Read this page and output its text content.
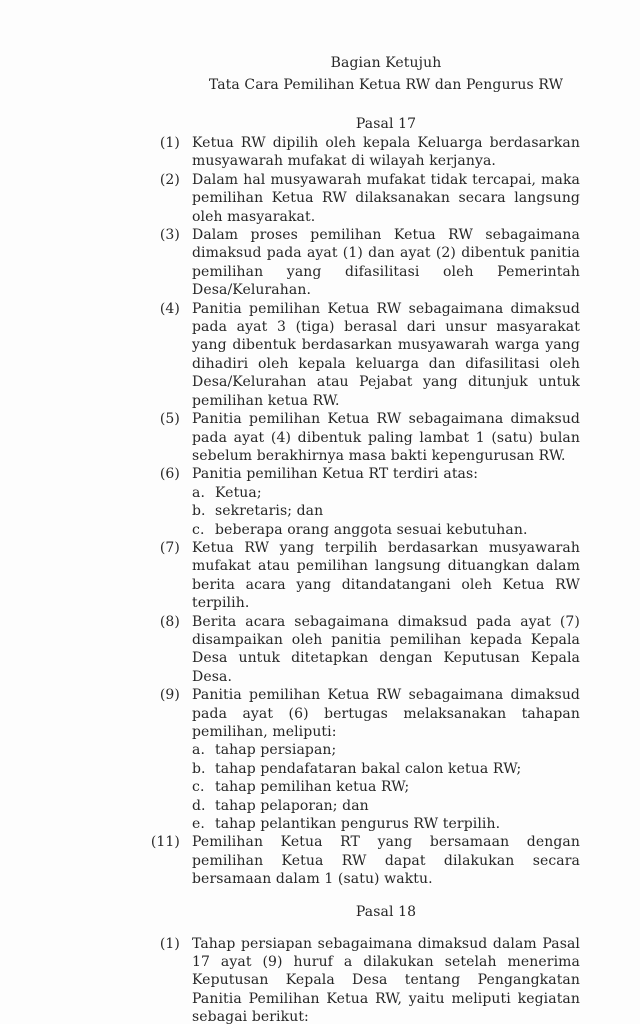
Bagian Ketujuh
Tata Cara Pemilihan Ketua RW dan Pengurus RW
Pasal 17
(1) Ketua RW dipilih oleh kepala Keluarga berdasarkan musyawarah mufakat di wilayah kerjanya.
(2) Dalam hal musyawarah mufakat tidak tercapai, maka pemilihan Ketua RW dilaksanakan secara langsung oleh masyarakat.
(3) Dalam proses pemilihan Ketua RW sebagaimana dimaksud pada ayat (1) dan ayat (2) dibentuk panitia pemilihan yang difasilitasi oleh Pemerintah Desa/Kelurahan.
(4) Panitia pemilihan Ketua RW sebagaimana dimaksud pada ayat 3 (tiga) berasal dari unsur masyarakat yang dibentuk berdasarkan musyawarah warga yang dihadiri oleh kepala keluarga dan difasilitasi oleh Desa/Kelurahan atau Pejabat yang ditunjuk untuk pemilihan ketua RW.
(5) Panitia pemilihan Ketua RW sebagaimana dimaksud pada ayat (4) dibentuk paling lambat 1 (satu) bulan sebelum berakhirnya masa bakti kepengurusan RW.
(6) Panitia pemilihan Ketua RT terdiri atas:
a. Ketua;
b. sekretaris; dan
c. beberapa orang anggota sesuai kebutuhan.
(7) Ketua RW yang terpilih berdasarkan musyawarah mufakat atau pemilihan langsung dituangkan dalam berita acara yang ditandatangani oleh Ketua RW terpilih.
(8) Berita acara sebagaimana dimaksud pada ayat (7) disampaikan oleh panitia pemilihan kepada Kepala Desa untuk ditetapkan dengan Keputusan Kepala Desa.
(9) Panitia pemilihan Ketua RW sebagaimana dimaksud pada ayat (6) bertugas melaksanakan tahapan pemilihan, meliputi:
a. tahap persiapan;
b. tahap pendafataran bakal calon ketua RW;
c. tahap pemilihan ketua RW;
d. tahap pelaporan; dan
e. tahap pelantikan pengurus RW terpilih.
(11) Pemilihan Ketua RT yang bersamaan dengan pemilihan Ketua RW dapat dilakukan secara bersamaan dalam 1 (satu) waktu.
Pasal 18
(1) Tahap persiapan sebagaimana dimaksud dalam Pasal 17 ayat (9) huruf a dilakukan setelah menerima Keputusan Kepala Desa tentang Pengangkatan Panitia Pemilihan Ketua RW, yaitu meliputi kegiatan sebagai berikut:
